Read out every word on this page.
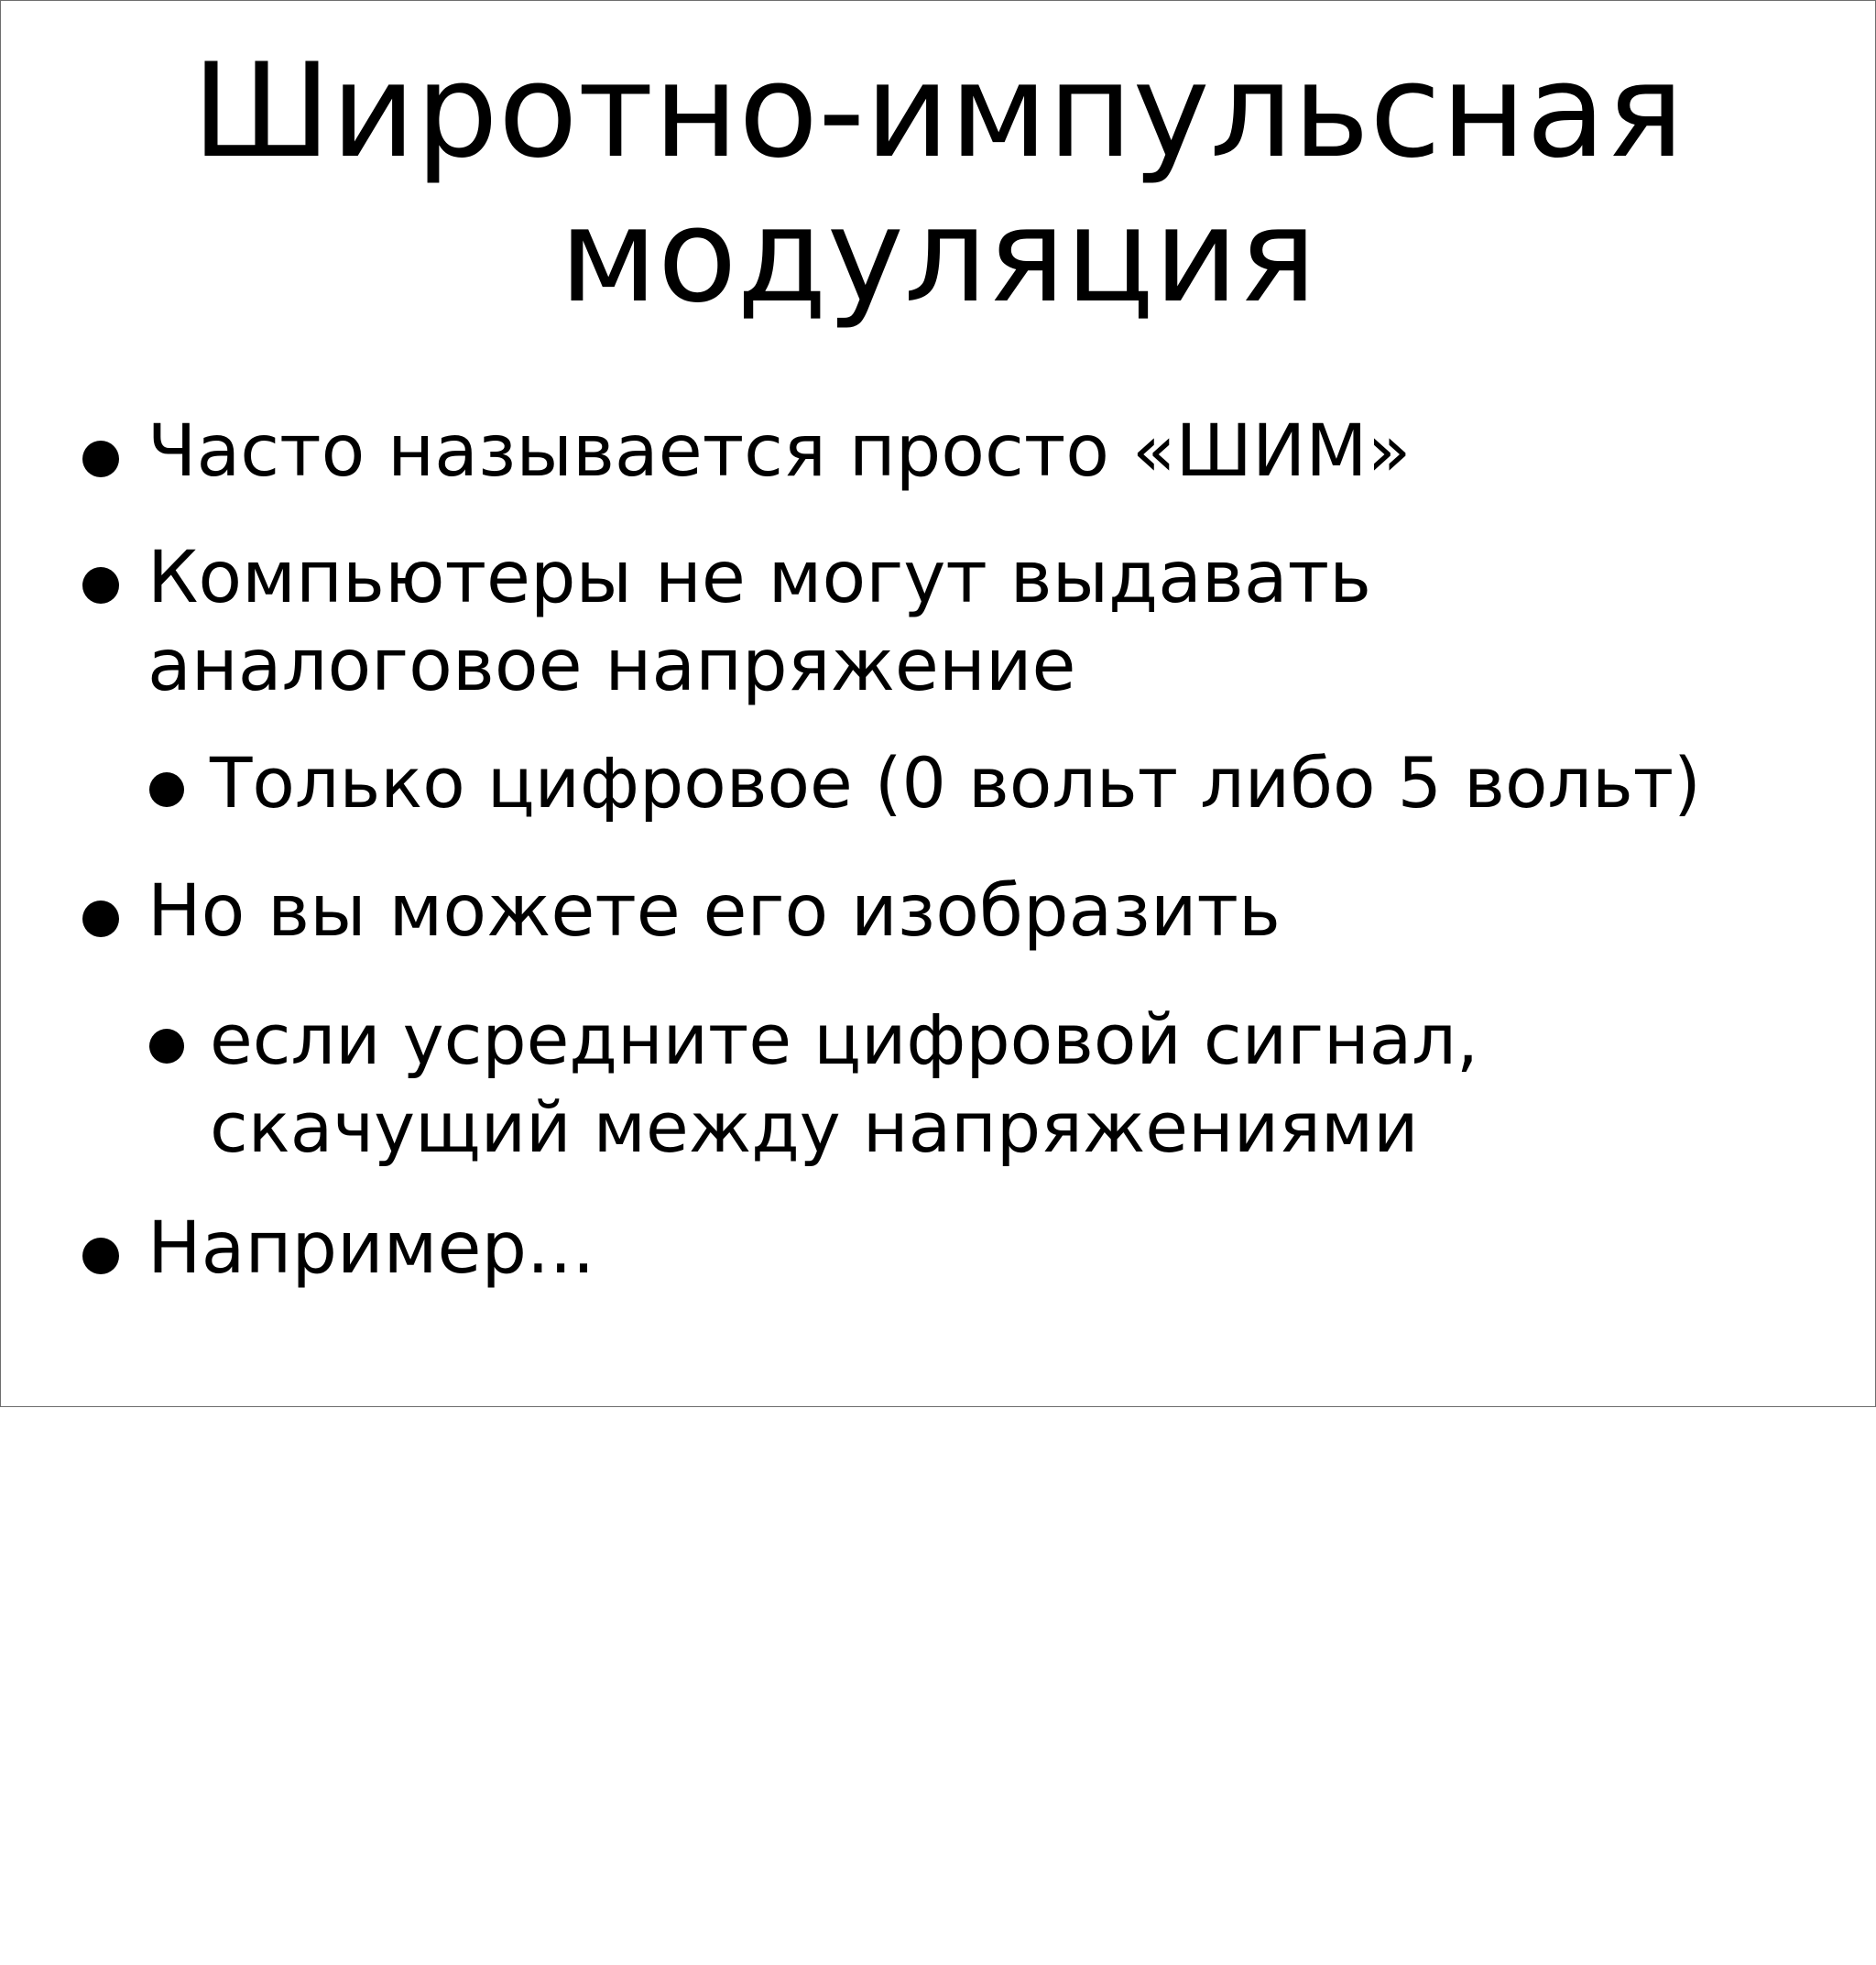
Широтно-импульсная
модуляция
Часто называется просто «ШИМ»
Компьютеры не могут выдавать
аналоговое напряжение
Только цифровое (0 вольт либо 5 вольт)
Но вы можете его изобразить
если усредните цифровой сигнал,
скачущий между напряжениями
Например...
